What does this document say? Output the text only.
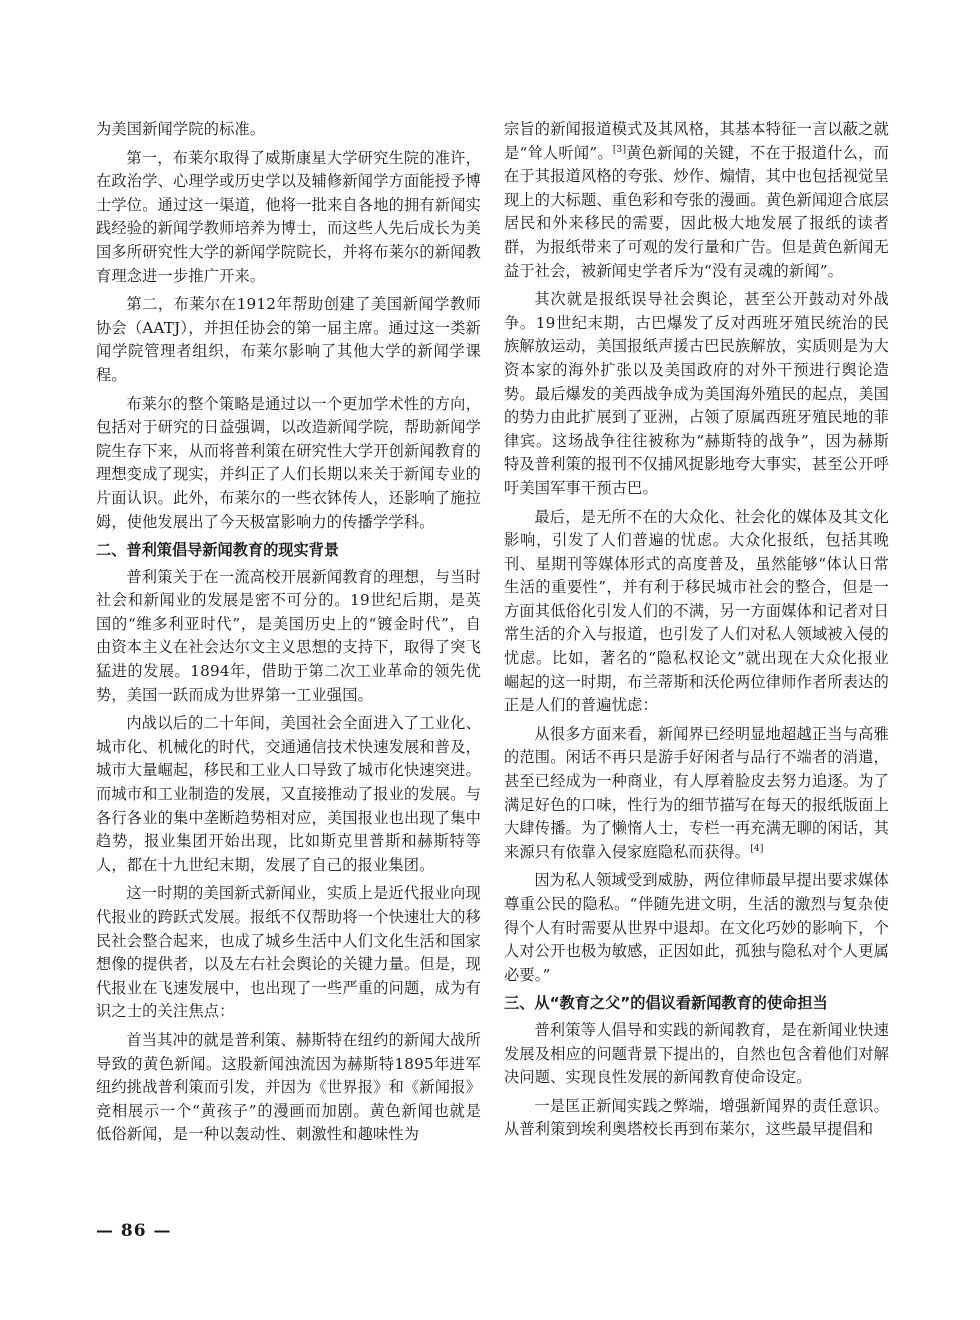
为美国新闻学院的标准。

第一，布莱尔取得了威斯康星大学研究生院的准许，在政治学、心理学或历史学以及辅修新闻学方面能授予博士学位。通过这一渠道，他将一批来自各地的拥有新闻实践经验的新闻学教师培养为博士，而这些人先后成长为美国多所研究性大学的新闻学院院长，并将布莱尔的新闻教育理念进一步推广开来。

第二，布莱尔在1912年帮助创建了美国新闻学教师协会（AATJ），并担任协会的第一届主席。通过这一类新闻学院管理者组织，布莱尔影响了其他大学的新闻学课程。

布莱尔的整个策略是通过以一个更加学术性的方向，包括对于研究的日益强调，以改造新闻学院，帮助新闻学院生存下来，从而将普利策在研究性大学开创新闻教育的理想变成了现实，并纠正了人们长期以来关于新闻专业的片面认识。此外，布莱尔的一些衣钵传人，还影响了施拉姆，使他发展出了今天极富影响力的传播学学科。

二、普利策倡导新闻教育的现实背景

普利策关于在一流高校开展新闻教育的理想，与当时社会和新闻业的发展是密不可分的。19世纪后期，是英国的“维多利亚时代”，是美国历史上的“镀金时代”，自由资本主义在社会达尔文主义思想的支持下，取得了突飞猛进的发展。1894年，借助于第二次工业革命的领先优势，美国一跃而成为世界第一工业强国。

内战以后的二十年间，美国社会全面进入了工业化、城市化、机械化的时代，交通通信技术快速发展和普及，城市大量崛起，移民和工业人口导致了城市化快速突进。而城市和工业制造的发展，又直接推动了报业的发展。与各行各业的集中垄断趋势相对应，美国报业也出现了集中趋势，报业集团开始出现，比如斯克里普斯和赫斯特等人，都在十九世纪末期，发展了自己的报业集团。

这一时期的美国新式新闻业，实质上是近代报业向现代报业的跨跃式发展。报纸不仅帮助将一个快速壮大的移民社会整合起来，也成了城乡生活中人们文化生活和国家想像的提供者，以及左右社会舆论的关键力量。但是，现代报业在飞速发展中，也出现了一些严重的问题，成为有识之士的关注焦点：

首当其冲的就是普利策、赫斯特在纽约的新闻大战所导致的黄色新闻。这股新闻浊流因为赫斯特1895年进军纽约挑战普利策而引发，并因为《世界报》和《新闻报》竞相展示一个“黄孩子”的漫画而加剧。黄色新闻也就是低俗新闻，是一种以轰动性、刺激性和趣味性为

宗旨的新闻报道模式及其风格，其基本特征一言以蔽之就是“耸人听闻”。[3]黄色新闻的关键，不在于报道什么，而在于其报道风格的夸张、炒作、煽情，其中也包括视觉呈现上的大标题、重色彩和夸张的漫画。黄色新闻迎合底层居民和外来移民的需要，因此极大地发展了报纸的读者群，为报纸带来了可观的发行量和广告。但是黄色新闻无益于社会，被新闻史学者斥为“没有灵魂的新闻”。

其次就是报纸误导社会舆论，甚至公开鼓动对外战争。19世纪末期，古巴爆发了反对西班牙殖民统治的民族解放运动，美国报纸声援古巴民族解放，实质则是为大资本家的海外扩张以及美国政府的对外干预进行舆论造势。最后爆发的美西战争成为美国海外殖民的起点，美国的势力由此扩展到了亚洲，占领了原属西班牙殖民地的菲律宾。这场战争往往被称为“赫斯特的战争”，因为赫斯特及普利策的报刊不仅捕风捉影地夸大事实，甚至公开呼吁美国军事干预古巴。

最后，是无所不在的大众化、社会化的媒体及其文化影响，引发了人们普遍的忧虑。大众化报纸，包括其晚刊、星期刊等媒体形式的高度普及，虽然能够“体认日常生活的重要性”，并有利于移民城市社会的整合，但是一方面其低俗化引发人们的不满，另一方面媒体和记者对日常生活的介入与报道，也引发了人们对私人领域被入侵的忧虑。比如，著名的“隐私权论文”就出现在大众化报业崛起的这一时期，布兰蒂斯和沃伦两位律师作者所表达的正是人们的普遍忧虑：

从很多方面来看，新闻界已经明显地超越正当与高雅的范围。闲话不再只是游手好闲者与品行不端者的消遣，甚至已经成为一种商业，有人厚着脸皮去努力追逐。为了满足好色的口味，性行为的细节描写在每天的报纸版面上大肆传播。为了懒惰人士，专栏一再充满无聊的闲话，其来源只有依靠入侵家庭隐私而获得。[4]

因为私人领域受到威胁，两位律师最早提出要求媒体尊重公民的隐私。“伴随先进文明，生活的激烈与复杂使得个人有时需要从世界中退却。在文化巧妙的影响下，个人对公开也极为敏感，正因如此，孤独与隐私对个人更属必要。”

三、从“教育之父”的倡议看新闻教育的使命担当

普利策等人倡导和实践的新闻教育，是在新闻业快速发展及相应的问题背景下提出的，自然也包含着他们对解决问题、实现良性发展的新闻教育使命设定。

一是匡正新闻实践之弊端，增强新闻界的责任意识。从普利策到埃利奥塔校长再到布莱尔，这些最早提倡和

— 86 —
